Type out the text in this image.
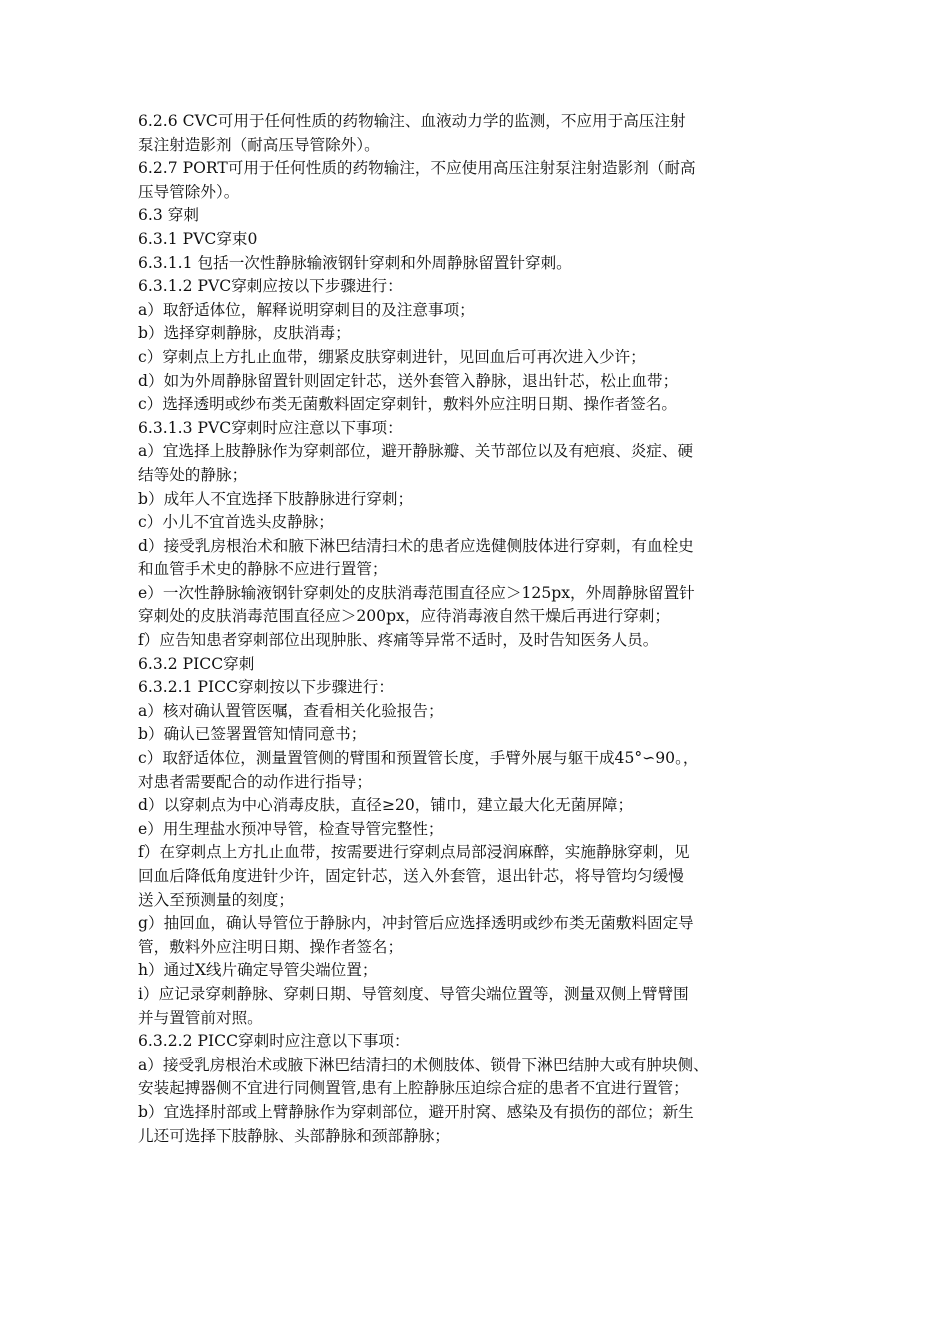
6.2.6 CVC可用于任何性质的药物输注、血液动力学的监测，不应用于高压注射

泵注射造影剂（耐高压导管除外）。

6.2.7 PORT可用于任何性质的药物输注，不应使用高压注射泵注射造影剂（耐高

压导管除外）。

6.3 穿刺

6.3.1 PVC穿束0

6.3.1.1 包括一次性静脉输液钢针穿刺和外周静脉留置针穿刺。

6.3.1.2 PVC穿刺应按以下步骤进行：

a）取舒适体位，解释说明穿刺目的及注意事项；

b）选择穿刺静脉，皮肤消毒；

c）穿刺点上方扎止血带，绷紧皮肤穿刺进针，见回血后可再次进入少许；

d）如为外周静脉留置针则固定针芯，送外套管入静脉，退出针芯，松止血带；

c）选择透明或纱布类无菌敷料固定穿刺针，敷料外应注明日期、操作者签名。

6.3.1.3 PVC穿刺时应注意以下事项：

a）宜选择上肢静脉作为穿刺部位，避开静脉瓣、关节部位以及有疤痕、炎症、硬

结等处的静脉；

b）成年人不宜选择下肢静脉进行穿刺；

c）小儿不宜首选头皮静脉；

d）接受乳房根治术和腋下淋巴结清扫术的患者应选健侧肢体进行穿刺，有血栓史

和血管手术史的静脉不应进行置管；

e）一次性静脉输液钢针穿刺处的皮肤消毒范围直径应＞125px，外周静脉留置针

穿刺处的皮肤消毒范围直径应＞200px，应待消毒液自然干燥后再进行穿刺；

f）应告知患者穿刺部位出现肿胀、疼痛等异常不适时，及时告知医务人员。

6.3.2 PICC穿刺

6.3.2.1 PICC穿刺按以下步骤进行：

a）核对确认置管医嘱，查看相关化验报告；

b）确认已签署置管知情同意书；

c）取舒适体位，测量置管侧的臂围和预置管长度，手臂外展与躯干成45°∽90。，

对患者需要配合的动作进行指导；

d）以穿刺点为中心消毒皮肤，直径≥20，铺巾，建立最大化无菌屏障；

e）用生理盐水预冲导管，检查导管完整性；

f）在穿刺点上方扎止血带，按需要进行穿刺点局部浸润麻醉，实施静脉穿刺，见

回血后降低角度进针少许，固定针芯，送入外套管，退出针芯，将导管均匀缓慢

送入至预测量的刻度；

g）抽回血，确认导管位于静脉内，冲封管后应选择透明或纱布类无菌敷料固定导

管，敷料外应注明日期、操作者签名；

h）通过X线片确定导管尖端位置；

i）应记录穿刺静脉、穿刺日期、导管刻度、导管尖端位置等，测量双侧上臂臂围

并与置管前对照。

6.3.2.2 PICC穿刺时应注意以下事项：

a）接受乳房根治术或腋下淋巴结清扫的术侧肢体、锁骨下淋巴结肿大或有肿块侧、

安装起搏器侧不宜进行同侧置管,患有上腔静脉压迫综合症的患者不宜进行置管；

b）宜选择肘部或上臂静脉作为穿刺部位，避开肘窝、感染及有损伤的部位；新生

儿还可选择下肢静脉、头部静脉和颈部静脉；
